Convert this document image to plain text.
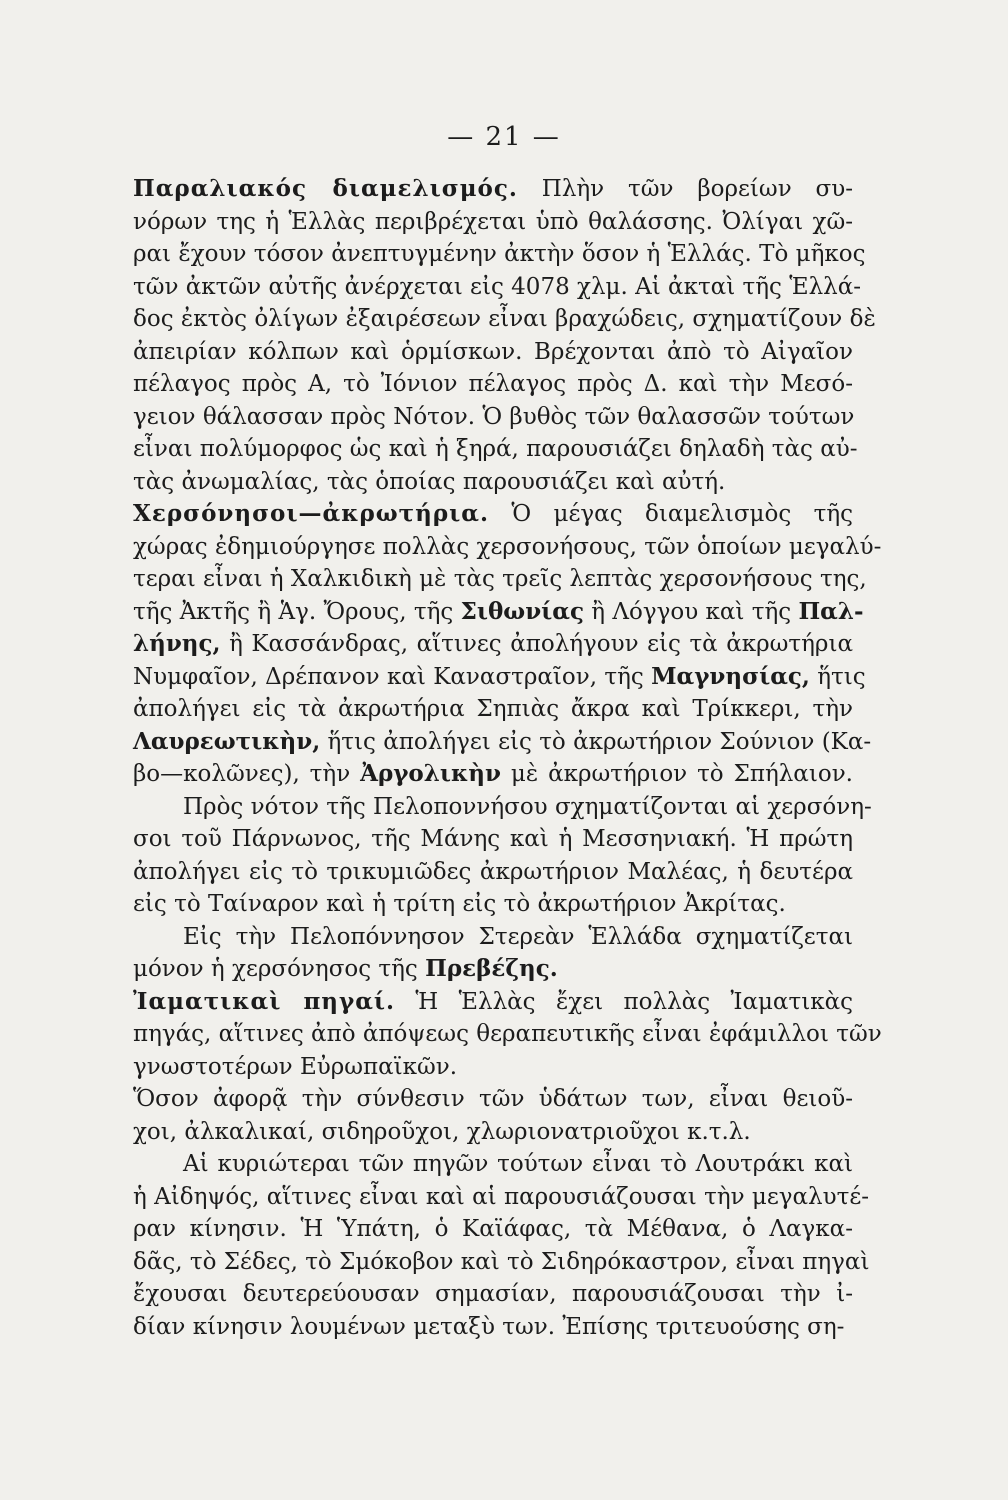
— 21 —
Παραλιακός διαμελισμός. Πλὴν τῶν βορείων συ-
νόρων της ἡ Ἑλλὰς περιβρέχεται ὑπὸ θαλάσσης. Ὀλίγαι χῶ-
ραι ἔχουν τόσον ἀνεπτυγμένην ἀκτὴν ὅσον ἡ Ἑλλάς. Τὸ μῆκος
τῶν ἀκτῶν αὐτῆς ἀνέρχεται εἰς 4078 χλμ. Αἱ ἀκταὶ τῆς Ἑλλά-
δος ἐκτὸς ὀλίγων ἐξαιρέσεων εἶναι βραχώδεις, σχηματίζουν δὲ
ἀπειρίαν κόλπων καὶ ὁρμίσκων. Βρέχονται ἀπὸ τὸ Αἰγαῖον
πέλαγος πρὸς Α, τὸ Ἰόνιον πέλαγος πρὸς Δ. καὶ τὴν Μεσό-
γειον θάλασσαν πρὸς Νότον. Ὁ βυθὸς τῶν θαλασσῶν τούτων
εἶναι πολύμορφος ὡς καὶ ἡ ξηρά, παρουσιάζει δηλαδὴ τὰς αὐ-
τὰς ἀνωμαλίας, τὰς ὁποίας παρουσιάζει καὶ αὐτή.
Χερσόνησοι—ἀκρωτήρια. Ὁ μέγας διαμελισμὸς τῆς
χώρας ἐδημιούργησε πολλὰς χερσονήσους, τῶν ὁποίων μεγαλύ-
τεραι εἶναι ἡ Χαλκιδικὴ μὲ τὰς τρεῖς λεπτὰς χερσονήσους της,
τῆς Ἀκτῆς ἢ Ἁγ. Ὄρους, τῆς Σιθωνίας ἢ Λόγγου καὶ τῆς Παλ-
λήνης, ἢ Κασσάνδρας, αἵτινες ἀπολήγουν εἰς τὰ ἀκρωτήρια
Νυμφαῖον, Δρέπανον καὶ Καναστραῖον, τῆς Μαγνησίας, ἥτις
ἀπολήγει εἰς τὰ ἀκρωτήρια Σηπιὰς ἄκρα καὶ Τρίκκερι, τὴν
Λαυρεωτικὴν, ἥτις ἀπολήγει εἰς τὸ ἀκρωτήριον Σούνιον (Κα-
βο—κολῶνες), τὴν Ἀργολικὴν μὲ ἀκρωτήριον τὸ Σπήλαιον.
Πρὸς νότον τῆς Πελοποννήσου σχηματίζονται αἱ χερσόνη-
σοι τοῦ Πάρνωνος, τῆς Μάνης καὶ ἡ Μεσσηνιακή. Ἡ πρώτη
ἀπολήγει εἰς τὸ τρικυμιῶδες ἀκρωτήριον Μαλέας, ἡ δευτέρα
εἰς τὸ Ταίναρον καὶ ἡ τρίτη εἰς τὸ ἀκρωτήριον Ἀκρίτας.
Εἰς τὴν Πελοπόννησον Στερεὰν Ἑλλάδα σχηματίζεται
μόνον ἡ χερσόνησος τῆς Πρεβέζης.
Ἰαματικαὶ πηγαί. Ἡ Ἑλλὰς ἔχει πολλὰς Ἰαματικὰς
πηγάς, αἵτινες ἀπὸ ἀπόψεως θεραπευτικῆς εἶναι ἐφάμιλλοι τῶν
γνωστοτέρων Εὐρωπαϊκῶν.
Ὅσον ἀφορᾷ τὴν σύνθεσιν τῶν ὑδάτων των, εἶναι θειοῦ-
χοι, ἀλκαλικαί, σιδηροῦχοι, χλωριονατριοῦχοι κ.τ.λ.
Αἱ κυριώτεραι τῶν πηγῶν τούτων εἶναι τὸ Λουτράκι καὶ
ἡ Αἰδηψός, αἵτινες εἶναι καὶ αἱ παρουσιάζουσαι τὴν μεγαλυτέ-
ραν κίνησιν. Ἡ Ὑπάτη, ὁ Καϊάφας, τὰ Μέθανα, ὁ Λαγκα-
δᾶς, τὸ Σέδες, τὸ Σμόκοβον καὶ τὸ Σιδηρόκαστρον, εἶναι πηγαὶ
ἔχουσαι δευτερεύουσαν σημασίαν, παρουσιάζουσαι τὴν ἰ-
δίαν κίνησιν λουμένων μεταξὺ των. Ἐπίσης τριτευούσης ση-
